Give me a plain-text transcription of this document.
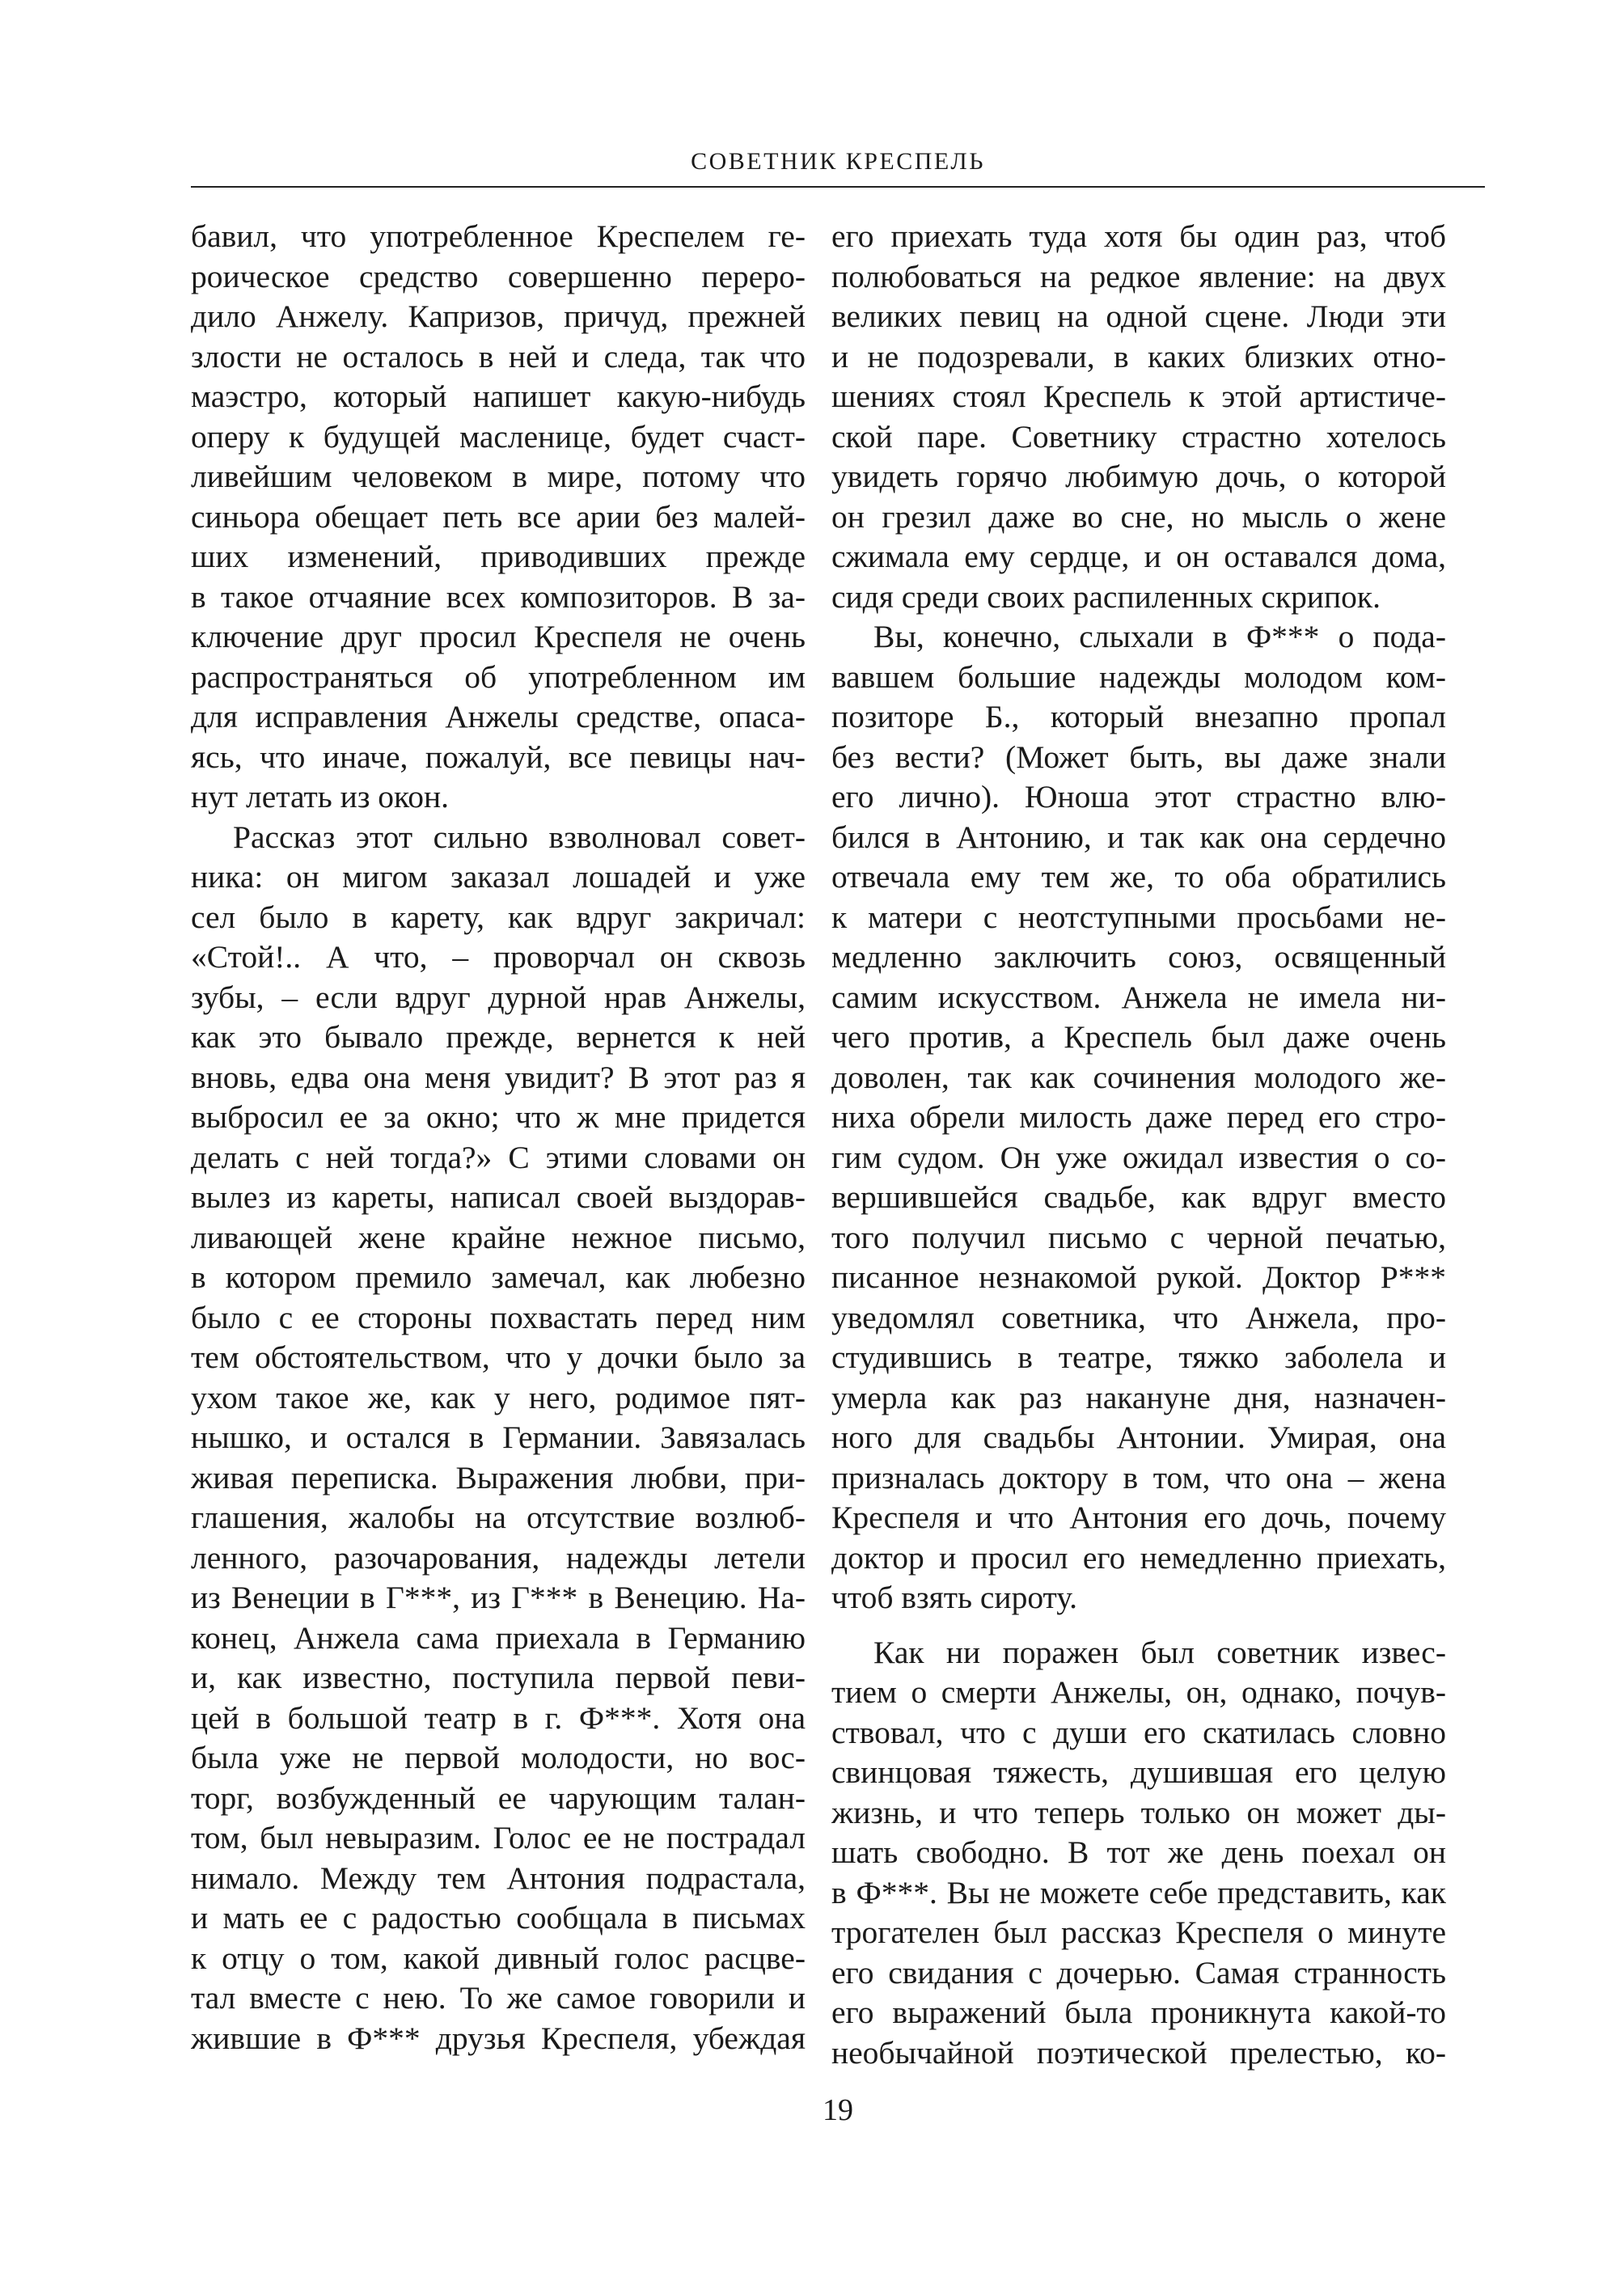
СОВЕТНИК КРЕСПЕЛЬ
бавил, что употребленное Креспелем ге-
роическое средство совершенно переро-
дило Анжелу. Капризов, причуд, прежней
злости не осталось в ней и следа, так что
маэстро, который напишет какую-нибудь
оперу к будущей масленице, будет счаст-
ливейшим человеком в мире, потому что
синьора обещает петь все арии без малей-
ших изменений, приводивших прежде
в такое отчаяние всех композиторов. В за-
ключение друг просил Креспеля не очень
распространяться об употребленном им
для исправления Анжелы средстве, опаса-
ясь, что иначе, пожалуй, все певицы нач-
нут летать из окон.
Рассказ этот сильно взволновал совет-
ника: он мигом заказал лошадей и уже
сел было в карету, как вдруг закричал:
«Стой!.. А что, – проворчал он сквозь
зубы, – если вдруг дурной нрав Анжелы,
как это бывало прежде, вернется к ней
вновь, едва она меня увидит? В этот раз я
выбросил ее за окно; что ж мне придется
делать с ней тогда?» С этими словами он
вылез из кареты, написал своей выздорав-
ливающей жене крайне нежное письмо,
в котором премило замечал, как любезно
было с ее стороны похвастать перед ним
тем обстоятельством, что у дочки было за
ухом такое же, как у него, родимое пят-
нышко, и остался в Германии. Завязалась
живая переписка. Выражения любви, при-
глашения, жалобы на отсутствие возлюб-
ленного, разочарования, надежды летели
из Венеции в Г***, из Г*** в Венецию. На-
конец, Анжела сама приехала в Германию
и, как известно, поступила первой певи-
цей в большой театр в г. Ф***. Хотя она
была уже не первой молодости, но вос-
торг, возбужденный ее чарующим талан-
том, был невыразим. Голос ее не пострадал
нимало. Между тем Антония подрастала,
и мать ее с радостью сообщала в письмах
к отцу о том, какой дивный голос расцве-
тал вместе с нею. То же самое говорили и
жившие в Ф*** друзья Креспеля, убеждая
его приехать туда хотя бы один раз, чтоб
полюбоваться на редкое явление: на двух
великих певиц на одной сцене. Люди эти
и не подозревали, в каких близких отно-
шениях стоял Креспель к этой артистиче-
ской паре. Советнику страстно хотелось
увидеть горячо любимую дочь, о которой
он грезил даже во сне, но мысль о жене
сжимала ему сердце, и он оставался дома,
сидя среди своих распиленных скрипок.
Вы, конечно, слыхали в Ф*** о пода-
вавшем большие надежды молодом ком-
позиторе Б., который внезапно пропал
без вести? (Может быть, вы даже знали
его лично). Юноша этот страстно влю-
бился в Антонию, и так как она сердечно
отвечала ему тем же, то оба обратились
к матери с неотступными просьбами не-
медленно заключить союз, освященный
самим искусством. Анжела не имела ни-
чего против, а Креспель был даже очень
доволен, так как сочинения молодого же-
ниха обрели милость даже перед его стро-
гим судом. Он уже ожидал известия о со-
вершившейся свадьбе, как вдруг вместо
того получил письмо с черной печатью,
писанное незнакомой рукой. Доктор Р***
уведомлял советника, что Анжела, про-
студившись в театре, тяжко заболела и
умерла как раз накануне дня, назначен-
ного для свадьбы Антонии. Умирая, она
призналась доктору в том, что она – жена
Креспеля и что Антония его дочь, почему
доктор и просил его немедленно приехать,
чтоб взять сироту.
Как ни поражен был советник извес-
тием о смерти Анжелы, он, однако, почув-
ствовал, что с души его скатилась словно
свинцовая тяжесть, душившая его целую
жизнь, и что теперь только он может ды-
шать свободно. В тот же день поехал он
в Ф***. Вы не можете себе представить, как
трогателен был рассказ Креспеля о минуте
его свидания с дочерью. Самая странность
его выражений была проникнута какой-то
необычайной поэтической прелестью, ко-
19
